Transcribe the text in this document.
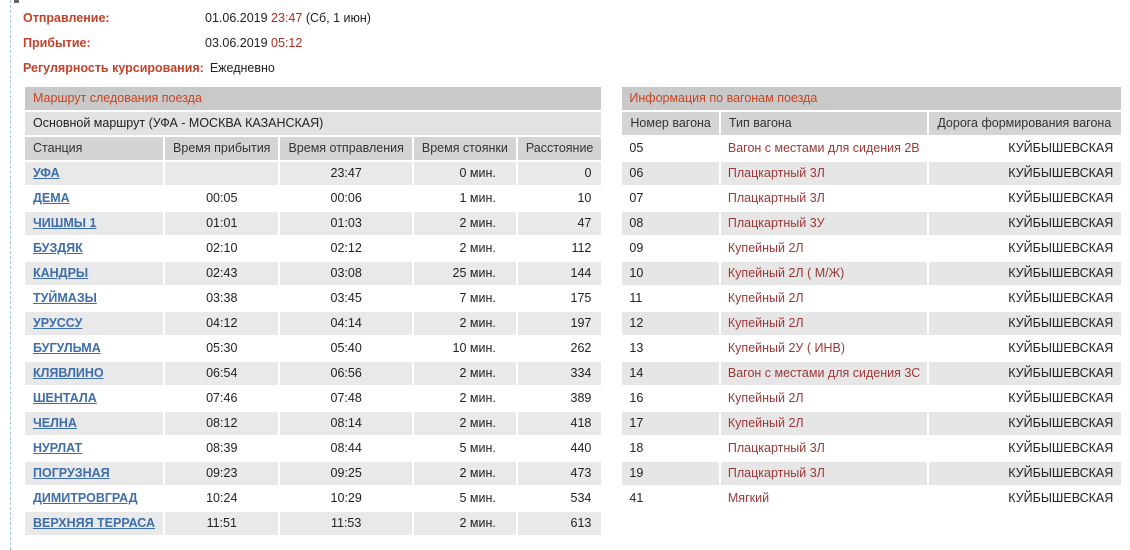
Отправление:	01.06.2019 23:47 (Сб, 1 июн)
Прибытие:	03.06.2019 05:12
Регулярность курсирования: Ежедневно
Маршрут следования поезда				
Основной маршрут (УФА - МОСКВА КАЗАНСКАЯ)				
Станция	Время прибытия	Время отправления	Время стоянки	Расстояние
УФА		23:47	0 мин.	0
ДЕМА	00:05	00:06	1 мин.	10
ЧИШМЫ 1	01:01	01:03	2 мин.	47
БУЗДЯК	02:10	02:12	2 мин.	112
КАНДРЫ	02:43	03:08	25 мин.	144
ТУЙМАЗЫ	03:38	03:45	7 мин.	175
УРУССУ	04:12	04:14	2 мин.	197
БУГУЛЬМА	05:30	05:40	10 мин.	262
КЛЯВЛИНО	06:54	06:56	2 мин.	334
ШЕНТАЛА	07:46	07:48	2 мин.	389
ЧЕЛНА	08:12	08:14	2 мин.	418
НУРЛАТ	08:39	08:44	5 мин.	440
ПОГРУЗНАЯ	09:23	09:25	2 мин.	473
ДИМИТРОВГРАД	10:24	10:29	5 мин.	534
ВЕРХНЯЯ ТЕРРАСА	11:51	11:53	2 мин.	613
Информация по вагонам поезда		
Номер вагона	Тип вагона	Дорога формирования вагона
05	Вагон с местами для сидения 2В	КУЙБЫШЕВСКАЯ
06	Плацкартный 3Л	КУЙБЫШЕВСКАЯ
07	Плацкартный 3Л	КУЙБЫШЕВСКАЯ
08	Плацкартный 3У	КУЙБЫШЕВСКАЯ
09	Купейный 2Л	КУЙБЫШЕВСКАЯ
10	Купейный 2Л ( М/Ж)	КУЙБЫШЕВСКАЯ
11	Купейный 2Л	КУЙБЫШЕВСКАЯ
12	Купейный 2Л	КУЙБЫШЕВСКАЯ
13	Купейный 2У ( ИНВ)	КУЙБЫШЕВСКАЯ
14	Вагон с местами для сидения 3С	КУЙБЫШЕВСКАЯ
16	Купейный 2Л	КУЙБЫШЕВСКАЯ
17	Купейный 2Л	КУЙБЫШЕВСКАЯ
18	Плацкартный 3Л	КУЙБЫШЕВСКАЯ
19	Плацкартный 3Л	КУЙБЫШЕВСКАЯ
41	Мягкий	КУЙБЫШЕВСКАЯ
